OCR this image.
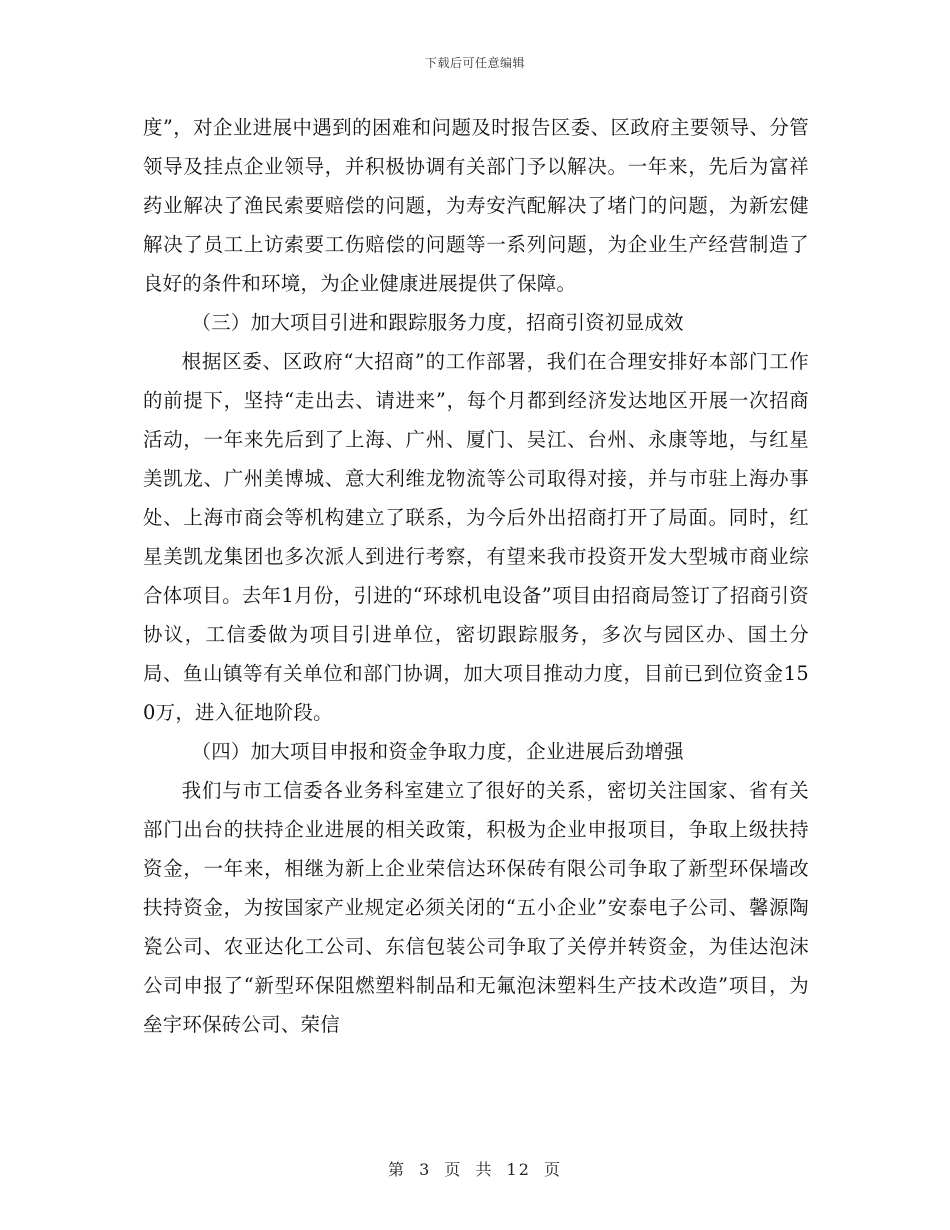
下载后可任意编辑

度”，对企业进展中遇到的困难和问题及时报告区委、区政府主要领导、分管领导及挂点企业领导，并积极协调有关部门予以解决。一年来，先后为富祥药业解决了渔民索要赔偿的问题，为寿安汽配解决了堵门的问题，为新宏健解决了员工上访索要工伤赔偿的问题等一系列问题，为企业生产经营制造了良好的条件和环境，为企业健康进展提供了保障。

（三）加大项目引进和跟踪服务力度，招商引资初显成效

根据区委、区政府“大招商”的工作部署，我们在合理安排好本部门工作的前提下，坚持“走出去、请进来”，每个月都到经济发达地区开展一次招商活动，一年来先后到了上海、广州、厦门、吴江、台州、永康等地，与红星美凯龙、广州美博城、意大利维龙物流等公司取得对接，并与市驻上海办事处、上海市商会等机构建立了联系，为今后外出招商打开了局面。同时，红星美凯龙集团也多次派人到进行考察，有望来我市投资开发大型城市商业综合体项目。去年1月份，引进的“环球机电设备”项目由招商局签订了招商引资协议，工信委做为项目引进单位，密切跟踪服务，多次与园区办、国土分局、鱼山镇等有关单位和部门协调，加大项目推动力度，目前已到位资金150万，进入征地阶段。

（四）加大项目申报和资金争取力度，企业进展后劲增强

我们与市工信委各业务科室建立了很好的关系，密切关注国家、省有关部门出台的扶持企业进展的相关政策，积极为企业申报项目，争取上级扶持资金，一年来，相继为新上企业荣信达环保砖有限公司争取了新型环保墙改扶持资金，为按国家产业规定必须关闭的“五小企业”安泰电子公司、馨源陶瓷公司、农亚达化工公司、东信包装公司争取了关停并转资金，为佳达泡沫公司申报了“新型环保阻燃塑料制品和无氟泡沫塑料生产技术改造”项目，为垒宇环保砖公司、荣信

第 3 页 共 12 页
